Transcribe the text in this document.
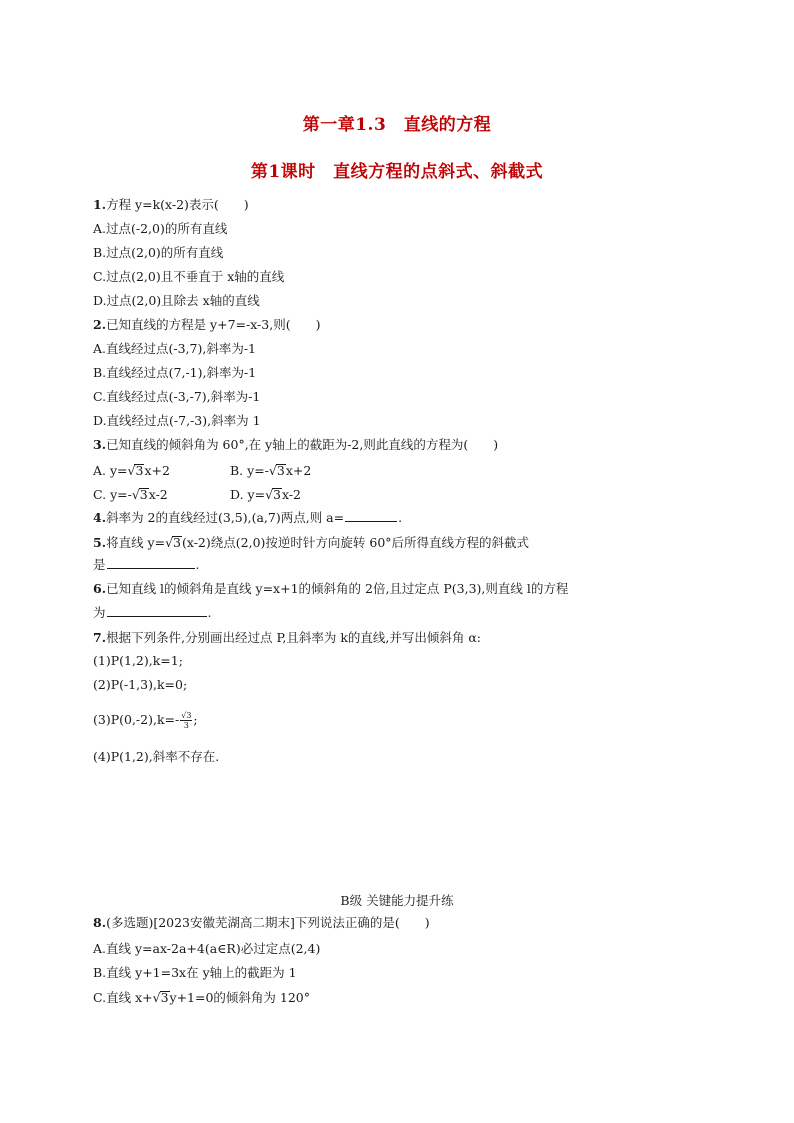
第一章1.3　直线的方程
第1课时　直线方程的点斜式、斜截式
1.方程 y=k(x-2)表示(　　)
A.过点(-2,0)的所有直线
B.过点(2,0)的所有直线
C.过点(2,0)且不垂直于 x轴的直线
D.过点(2,0)且除去 x轴的直线
2.已知直线的方程是 y+7=-x-3,则(　　)
A.直线经过点(-3,7),斜率为-1
B.直线经过点(7,-1),斜率为-1
C.直线经过点(-3,-7),斜率为-1
D.直线经过点(-7,-3),斜率为 1
3.已知直线的倾斜角为 60°,在 y轴上的截距为-2,则此直线的方程为(　　)
A. y=√3x+2	B. y=-√3x+2
C. y=-√3x-2	D. y=√3x-2
4.斜率为 2的直线经过(3,5),(a,7)两点,则 a=	.
5.将直线 y=√3(x-2)绕点(2,0)按逆时针方向旋转 60°后所得直线方程的斜截式
是	.
6.已知直线 l的倾斜角是直线 y=x+1的倾斜角的 2倍,且过定点 P(3,3),则直线 l的方程
为	.
7.根据下列条件,分别画出经过点 P,且斜率为 k的直线,并写出倾斜角 α:
(1)P(1,2),k=1;
(2)P(-1,3),k=0;
$(3)P(0,-2),k=- \frac{√3}{3}$ ;
(4)P(1,2),斜率不存在.
B级 关键能力提升练
8.(多选题)[2023安徽芜湖高二期末]下列说法正确的是(　　)
A.直线 y=ax-2a+4(a∈R)必过定点(2,4)
B.直线 y+1=3x在 y轴上的截距为 1
C.直线 x+√3y+1=0的倾斜角为 120°
